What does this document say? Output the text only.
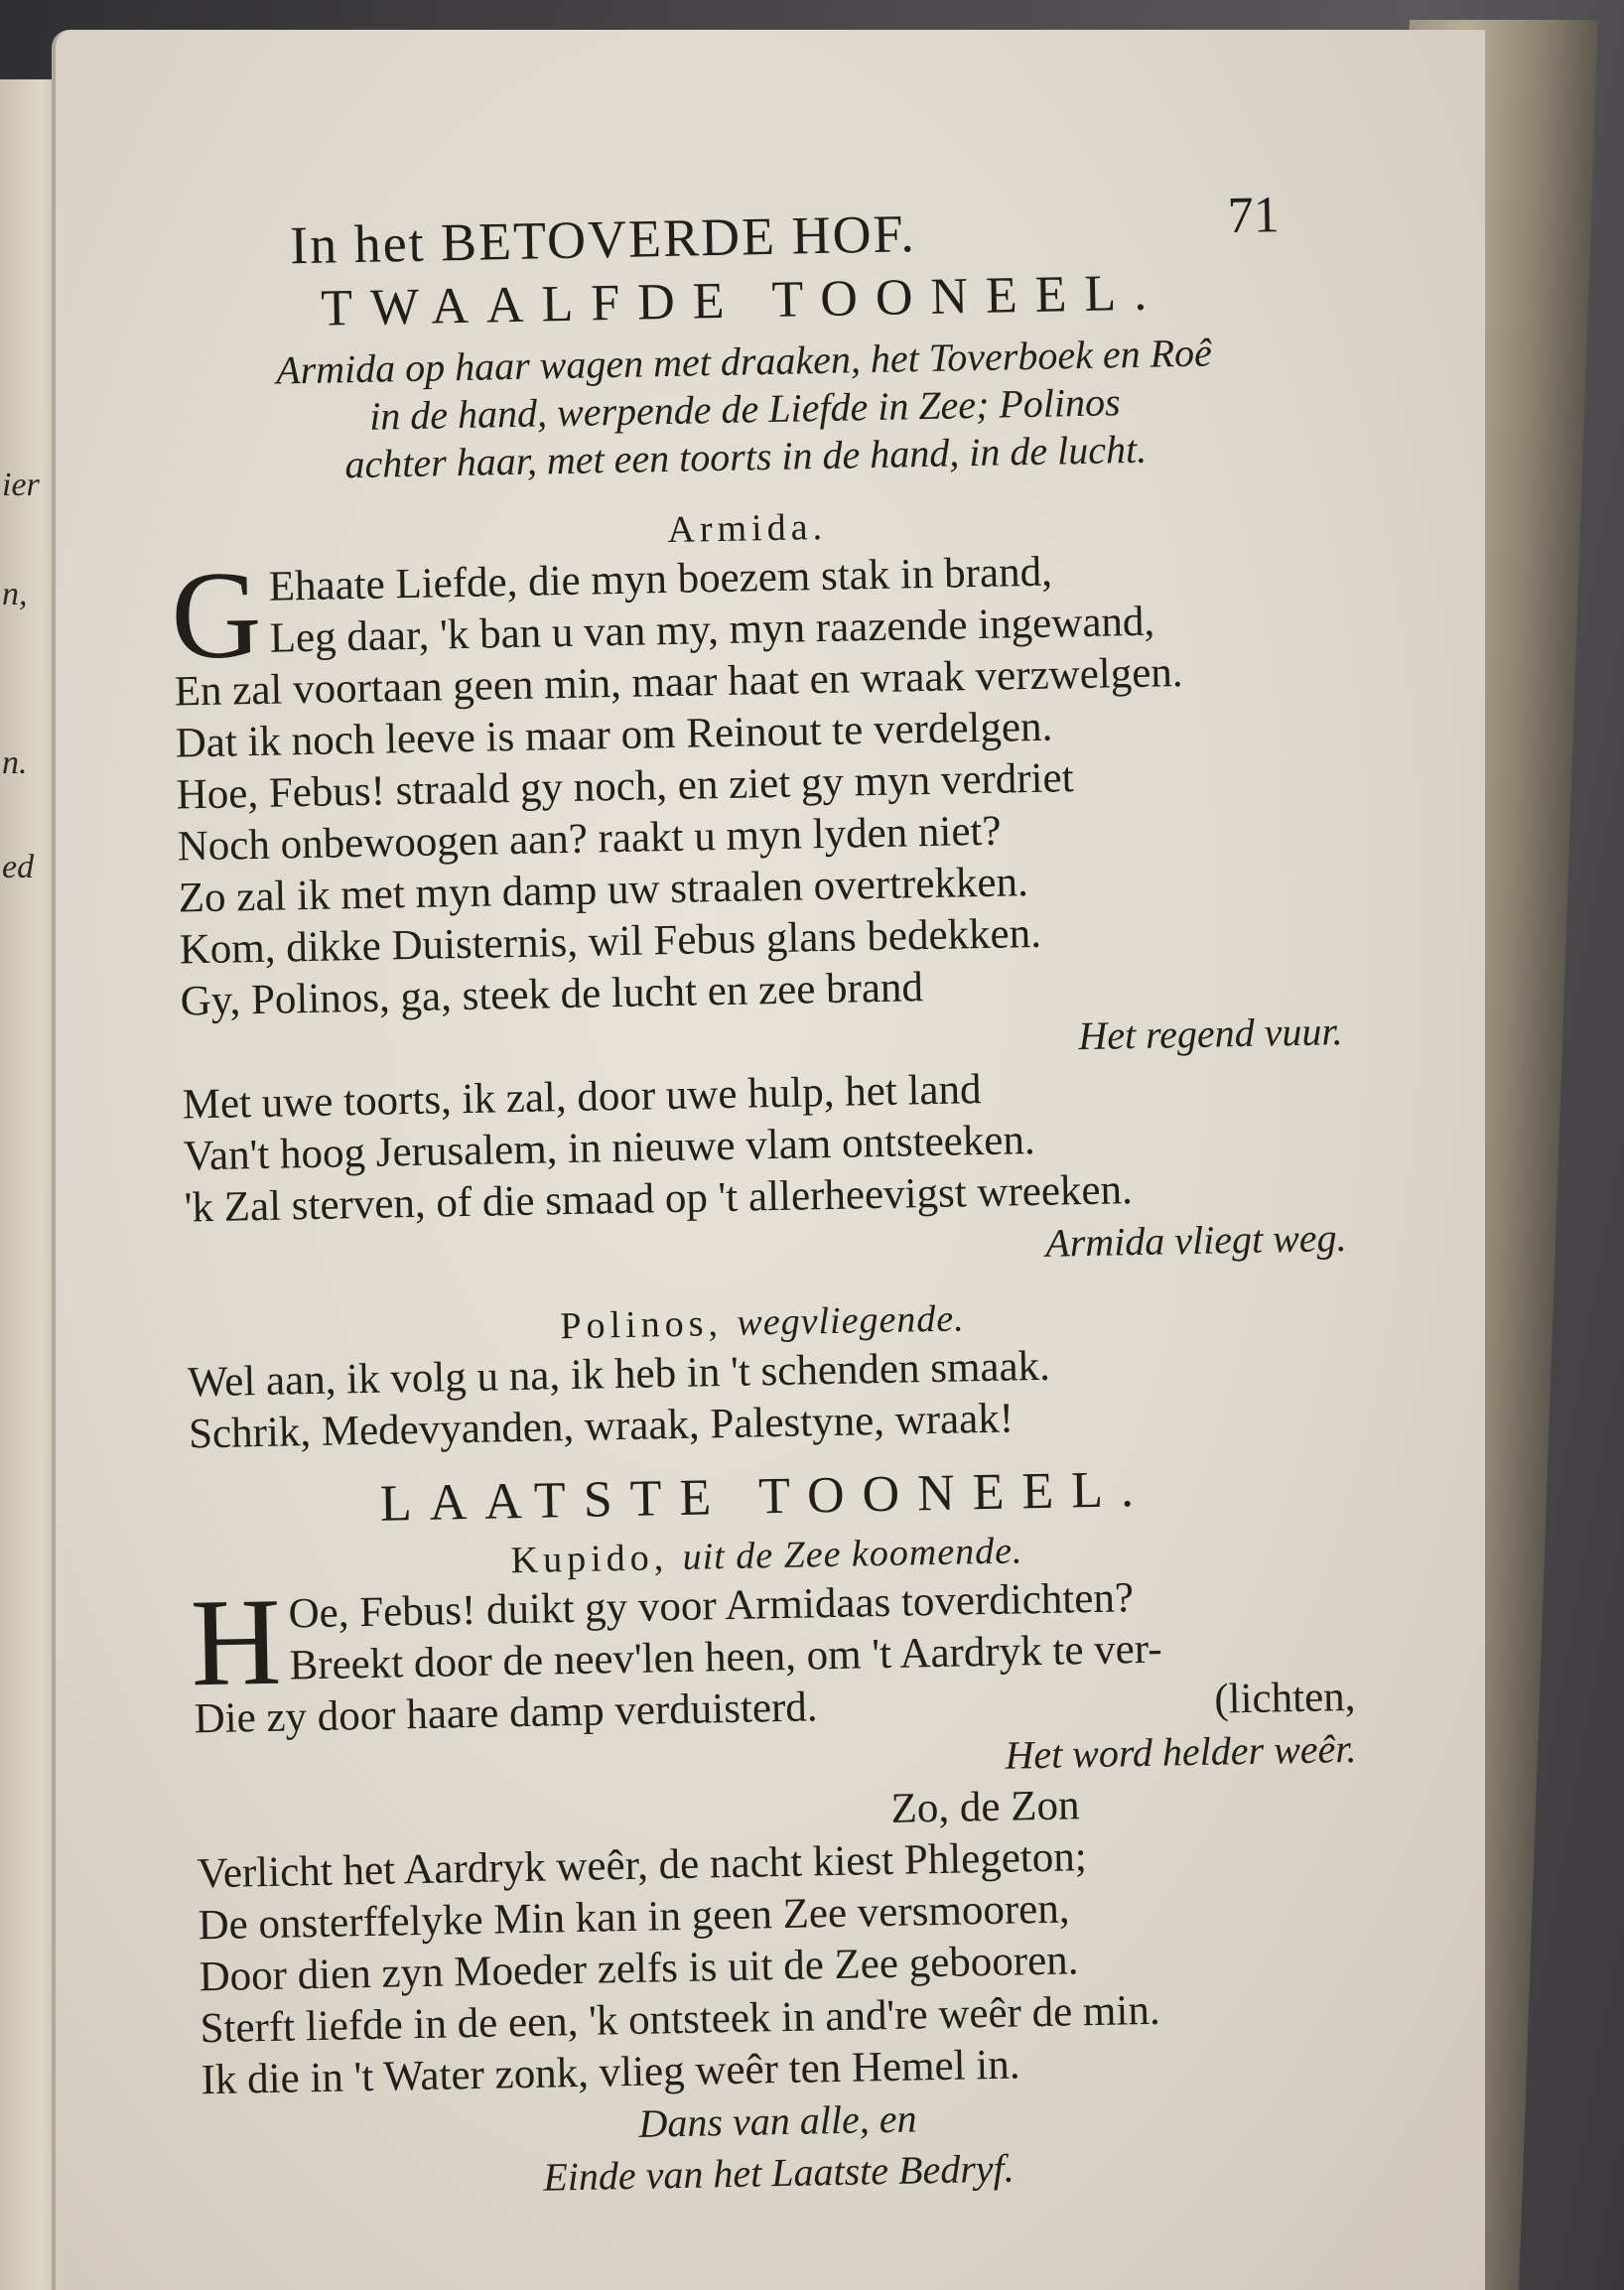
ier
n,
n.
ed
In het BETOVERDE HOF.	71
TWAALFDE TOONEEL.
Armida op haar wagen met draaken, het Toverboek en Roê
in de hand, werpende de Liefde in Zee; Polinos
achter haar, met een toorts in de hand, in de lucht.
Armida.
G Ehaate Liefde, die myn boezem stak in brand,
Leg daar, 'k ban u van my, myn raazende ingewand,
En zal voortaan geen min, maar haat en wraak verzwelgen.
Dat ik noch leeve is maar om Reinout te verdelgen.
Hoe, Febus! straald gy noch, en ziet gy myn verdriet
Noch onbewoogen aan? raakt u myn lyden niet?
Zo zal ik met myn damp uw straalen overtrekken.
Kom, dikke Duisternis, wil Febus glans bedekken.
Gy, Polinos, ga, steek de lucht en zee brand
Het regend vuur.
Met uwe toorts, ik zal, door uwe hulp, het land
Van't hoog Jerusalem, in nieuwe vlam ontsteeken.
'k Zal sterven, of die smaad op 't allerheevigst wreeken.
Armida vliegt weg.
Polinos, wegvliegende.
Wel aan, ik volg u na, ik heb in 't schenden smaak.
Schrik, Medevyanden, wraak, Palestyne, wraak!
LAATSTE TOONEEL.
Kupido, uit de Zee koomende.
H Oe, Febus! duikt gy voor Armidaas toverdichten?
Breekt door de neev'len heen, om 't Aardryk te ver-
(lichten,
Die zy door haare damp verduisterd.
Het word helder weêr.
Zo, de Zon
Verlicht het Aardryk weêr, de nacht kiest Phlegeton;
De onsterffelyke Min kan in geen Zee versmooren,
Door dien zyn Moeder zelfs is uit de Zee gebooren.
Sterft liefde in de een, 'k ontsteek in and're weêr de min.
Ik die in 't Water zonk, vlieg weêr ten Hemel in.
Dans van alle, en
Einde van het Laatste Bedryf.
